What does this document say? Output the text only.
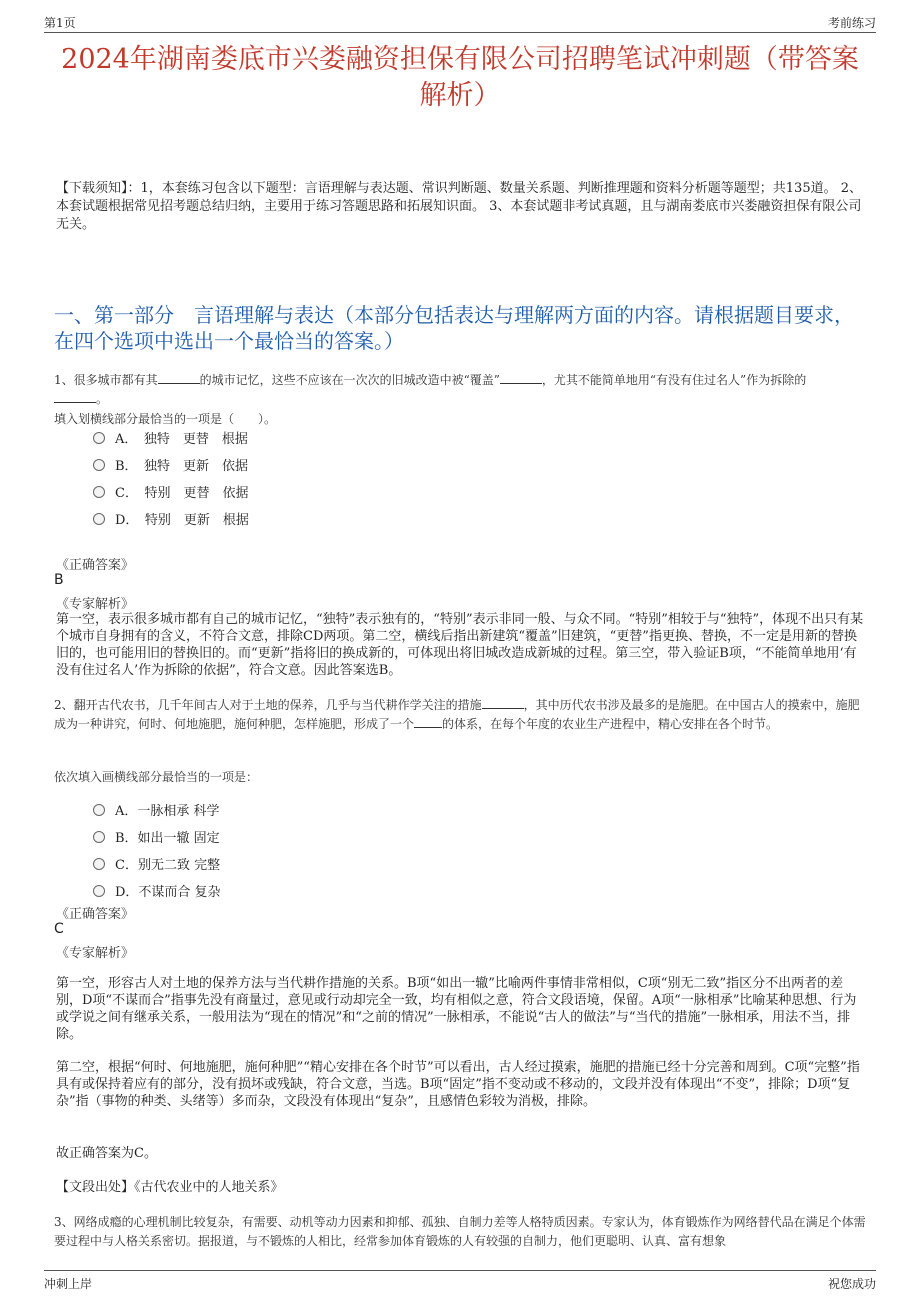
第1页	考前练习
2024年湖南娄底市兴娄融资担保有限公司招聘笔试冲刺题（带答案解析）
【下载须知】：1，本套练习包含以下题型：言语理解与表达题、常识判断题、数量关系题、判断推理题和资料分析题等题型；共135道。 2、本套试题根据常见招考题总结归纳，主要用于练习答题思路和拓展知识面。 3、本套试题非考试真题，且与湖南娄底市兴娄融资担保有限公司无关。
一、第一部分　言语理解与表达（本部分包括表达与理解两方面的内容。请根据题目要求，在四个选项中选出一个最恰当的答案。）
1、很多城市都有其	的城市记忆，这些不应该在一次次的旧城改造中被“覆盖”	，尤其不能简单地用“有没有住过名人”作为拆除的
。
填入划横线部分最恰当的一项是（　　）。
A．　独特　更替　根据
B．　独特　更新　依据
C．　特别　更替　依据
D．　特别　更新　根据
《正确答案》
B
《专家解析》
第一空，表示很多城市都有自己的城市记忆，“独特”表示独有的，“特别”表示非同一般、与众不同。“特别”相较于与“独特”，体现不出只有某个城市自身拥有的含义，不符合文意，排除CD两项。第二空，横线后指出新建筑“覆盖”旧建筑，“更替”指更换、替换，不一定是用新的替换旧的，也可能用旧的替换旧的。而“更新”指将旧的换成新的，可体现出将旧城改造成新城的过程。第三空，带入验证B项，“不能简单地用‘有没有住过名人’作为拆除的依据”，符合文意。因此答案选B。
2、翻开古代农书，几千年间古人对于土地的保养，几乎与当代耕作学关注的措施	，其中历代农书涉及最多的是施肥。在中国古人的摸索中，施肥成为一种讲究，何时、何地施肥，施何种肥，怎样施肥，形成了一个 的体系，在每个年度的农业生产进程中，精心安排在各个时节。
依次填入画横线部分最恰当的一项是：
A．一脉相承 科学
B．如出一辙 固定
C．别无二致 完整
D．不谋而合 复杂
《正确答案》
C
《专家解析》
第一空，形容古人对土地的保养方法与当代耕作措施的关系。B项“如出一辙”比喻两件事情非常相似，C项“别无二致”指区分不出两者的差别，D项“不谋而合”指事先没有商量过，意见或行动却完全一致，均有相似之意，符合文段语境，保留。A项“一脉相承”比喻某种思想、行为或学说之间有继承关系，一般用法为“现在的情况”和“之前的情况”一脉相承，不能说“古人的做法”与“当代的措施”一脉相承，用法不当，排除。
第二空，根据“何时、何地施肥，施何种肥”“精心安排在各个时节”可以看出，古人经过摸索，施肥的措施已经十分完善和周到。C项“完整”指具有或保持着应有的部分，没有损坏或残缺，符合文意，当选。B项“固定”指不变动或不移动的，文段并没有体现出“不变”，排除；D项“复杂”指（事物的种类、头绪等）多而杂，文段没有体现出“复杂”，且感情色彩较为消极，排除。
故正确答案为C。
【文段出处】《古代农业中的人地关系》
3、网络成瘾的心理机制比较复杂，有需要、动机等动力因素和抑郁、孤独、自制力差等人格特质因素。专家认为，体育锻炼作为网络替代品在满足个体需要过程中与人格关系密切。据报道，与不锻炼的人相比，经常参加体育锻炼的人有较强的自制力，他们更聪明、认真、富有想象
冲刺上岸	祝您成功
